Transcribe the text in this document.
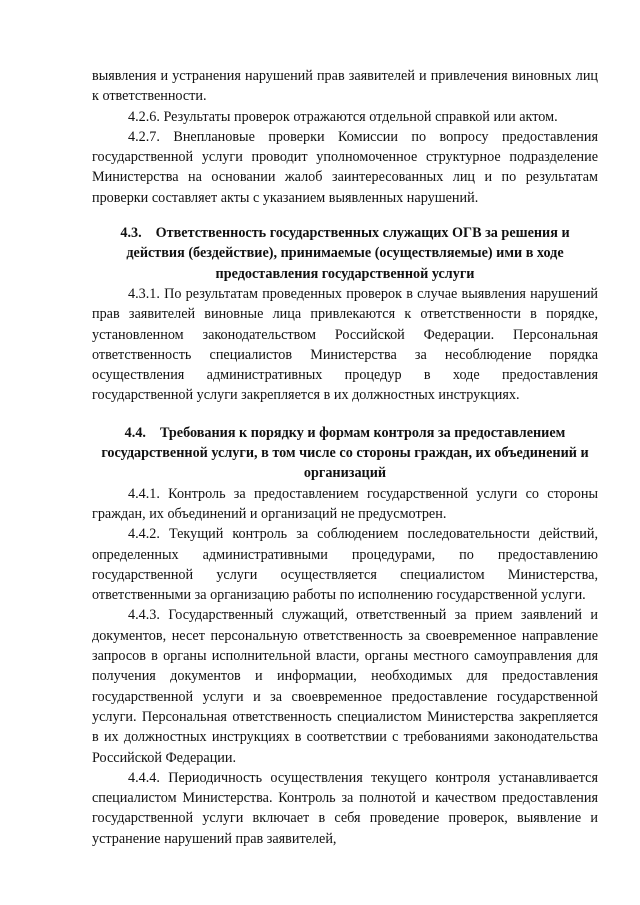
выявления и устранения нарушений прав заявителей и привлечения виновных лиц к ответственности.

4.2.6. Результаты проверок отражаются отдельной справкой или актом.

4.2.7. Внеплановые проверки Комиссии по вопросу предоставления государственной услуги проводит уполномоченное структурное подразделение Министерства на основании жалоб заинтересованных лиц и по результатам проверки составляет акты с указанием выявленных нарушений.

4.3. Ответственность государственных служащих ОГВ за решения и действия (бездействие), принимаемые (осуществляемые) ими в ходе предоставления государственной услуги

4.3.1. По результатам проведенных проверок в случае выявления нарушений прав заявителей виновные лица привлекаются к ответственности в порядке, установленном законодательством Российской Федерации. Персональная ответственность специалистов Министерства за несоблюдение порядка осуществления административных процедур в ходе предоставления государственной услуги закрепляется в их должностных инструкциях.

4.4. Требования к порядку и формам контроля за предоставлением государственной услуги, в том числе со стороны граждан, их объединений и организаций

4.4.1. Контроль за предоставлением государственной услуги со стороны граждан, их объединений и организаций не предусмотрен.

4.4.2. Текущий контроль за соблюдением последовательности действий, определенных административными процедурами, по предоставлению государственной услуги осуществляется специалистом Министерства, ответственными за организацию работы по исполнению государственной услуги.

4.4.3. Государственный служащий, ответственный за прием заявлений и документов, несет персональную ответственность за своевременное направление запросов в органы исполнительной власти, органы местного самоуправления для получения документов и информации, необходимых для предоставления государственной услуги и за своевременное предоставление государственной услуги. Персональная ответственность специалистом Министерства закрепляется в их должностных инструкциях в соответствии с требованиями законодательства Российской Федерации.

4.4.4. Периодичность осуществления текущего контроля устанавливается специалистом Министерства. Контроль за полнотой и качеством предоставления государственной услуги включает в себя проведение проверок, выявление и устранение нарушений прав заявителей,
